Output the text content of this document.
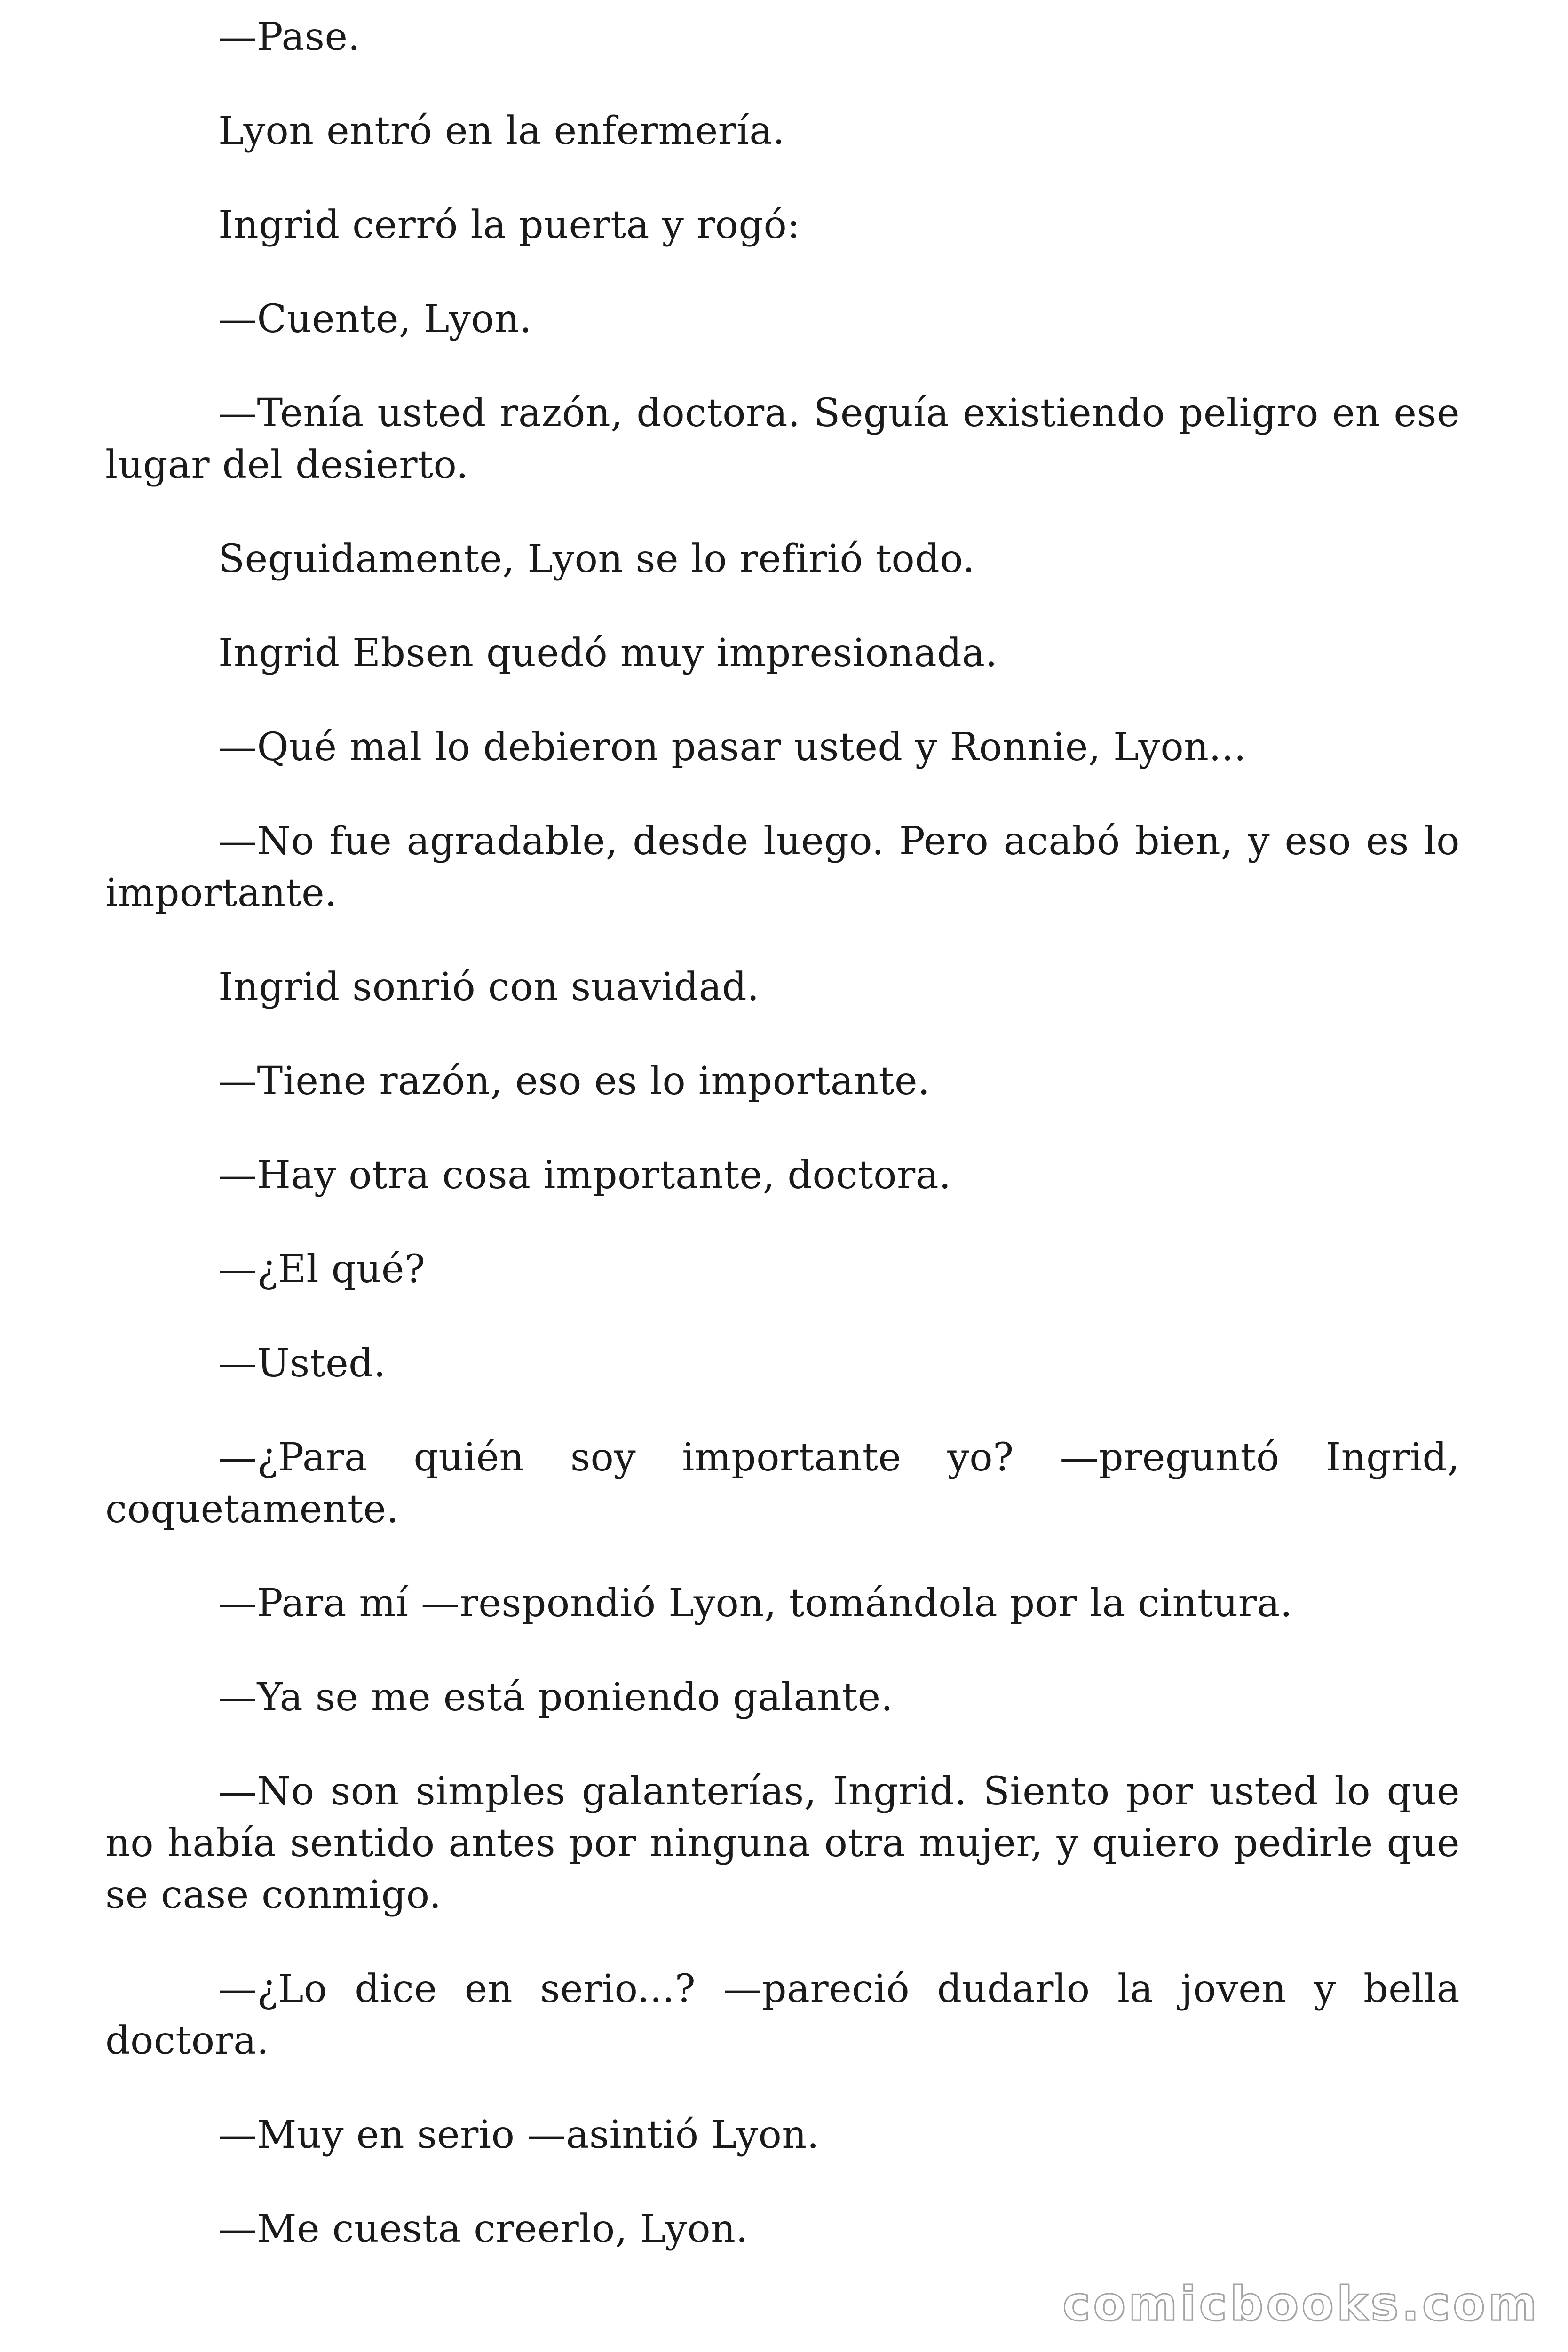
—Pase.

Lyon entró en la enfermería.

Ingrid cerró la puerta y rogó:

—Cuente, Lyon.

—Tenía usted razón, doctora. Seguía existiendo peligro en ese lugar del desierto.

Seguidamente, Lyon se lo refirió todo.

Ingrid Ebsen quedó muy impresionada.

—Qué mal lo debieron pasar usted y Ronnie, Lyon...

—No fue agradable, desde luego. Pero acabó bien, y eso es lo importante.

Ingrid sonrió con suavidad.

—Tiene razón, eso es lo importante.

—Hay otra cosa importante, doctora.

—¿El qué?

—Usted.

—¿Para quién soy importante yo? —preguntó Ingrid, coquetamente.

—Para mí —respondió Lyon, tomándola por la cintura.

—Ya se me está poniendo galante.

—No son simples galanterías, Ingrid. Siento por usted lo que no había sentido antes por ninguna otra mujer, y quiero pedirle que se case conmigo.

—¿Lo dice en serio...? —pareció dudarlo la joven y bella doctora.

—Muy en serio —asintió Lyon.

—Me cuesta creerlo, Lyon.

comicbooks.com
